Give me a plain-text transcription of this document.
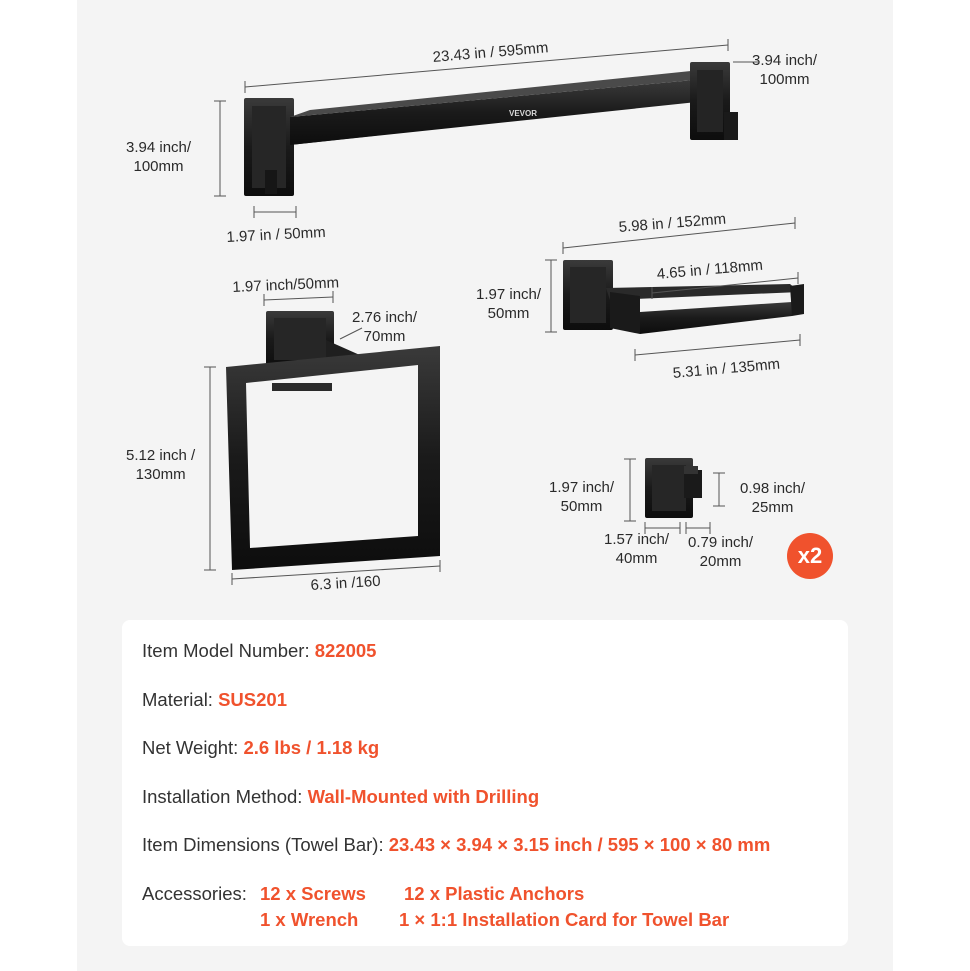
VEVOR
23.43 in / 595mm	3.94 inch/
100mm
3.94 inch/
100mm
1.97 in / 50mm
1.97 inch/50mm
2.76 inch/
70mm
5.12 inch /
130mm
6.3 in /160
5.98 in / 152mm
1.97 inch/
50mm
4.65 in / 118mm
5.31 in / 135mm
1.97 inch/
50mm
0.98 inch/
25mm
1.57 inch/
40mm
0.79 inch/
20mm	x2
Item Model Number: 822005
Material: SUS201
Net Weight: 2.6 lbs / 1.18 kg
Installation Method: Wall-Mounted with Drilling
Item Dimensions (Towel Bar): 23.43 × 3.94 × 3.15 inch / 595 × 100 × 80 mm
Accessories: 12 x Screws 12 x Plastic Anchors
1 x Wrench 1 × 1:1 Installation Card for Towel Bar
